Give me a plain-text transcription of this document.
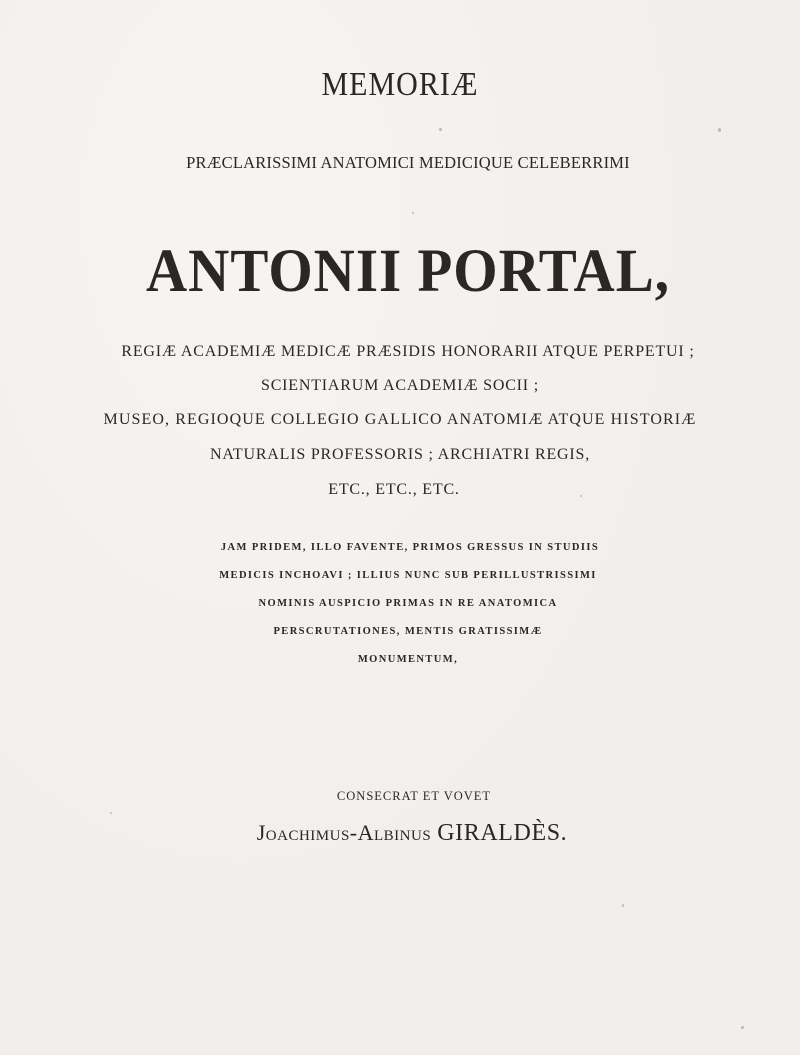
MEMORIÆ
PRÆCLARISSIMI ANATOMICI MEDICIQUE CELEBERRIMI
ANTONII PORTAL,
REGIÆ ACADEMIÆ MEDICÆ PRÆSIDIS HONORARII ATQUE PERPETUI ;
SCIENTIARUM ACADEMIÆ SOCII ;
MUSEO, REGIOQUE COLLEGIO GALLICO ANATOMIÆ ATQUE HISTORIÆ
NATURALIS PROFESSORIS ; ARCHIATRI REGIS,
ETC., ETC., ETC.
JAM PRIDEM, ILLO FAVENTE, PRIMOS GRESSUS IN STUDIIS
MEDICIS INCHOAVI ; ILLIUS NUNC SUB PERILLUSTRISSIMI
NOMINIS AUSPICIO PRIMAS IN RE ANATOMICA
PERSCRUTATIONES, MENTIS GRATISSIMÆ
MONUMENTUM,
CONSECRAT ET VOVET
Joachimus-Albinus GIRALDÈS.
